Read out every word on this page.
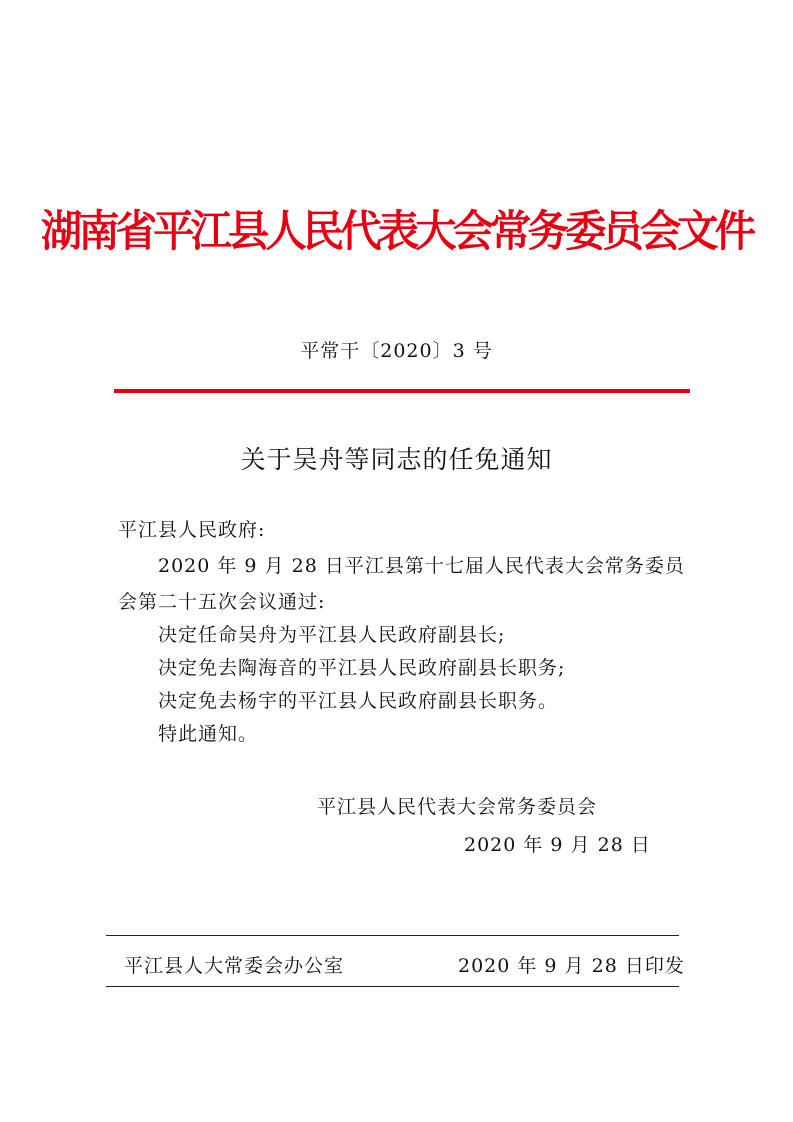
湖南省平江县人民代表大会常务委员会文件
平常干〔2020〕3 号
关于吴舟等同志的任免通知
平江县人民政府:
2020 年 9 月 28 日平江县第十七届人民代表大会常务委员
会第二十五次会议通过:
决定任命吴舟为平江县人民政府副县长;
决定免去陶海音的平江县人民政府副县长职务;
决定免去杨宇的平江县人民政府副县长职务。
特此通知。
平江县人民代表大会常务委员会
2020 年 9 月 28 日
平江县人大常委会办公室	2020 年 9 月 28 日印发
